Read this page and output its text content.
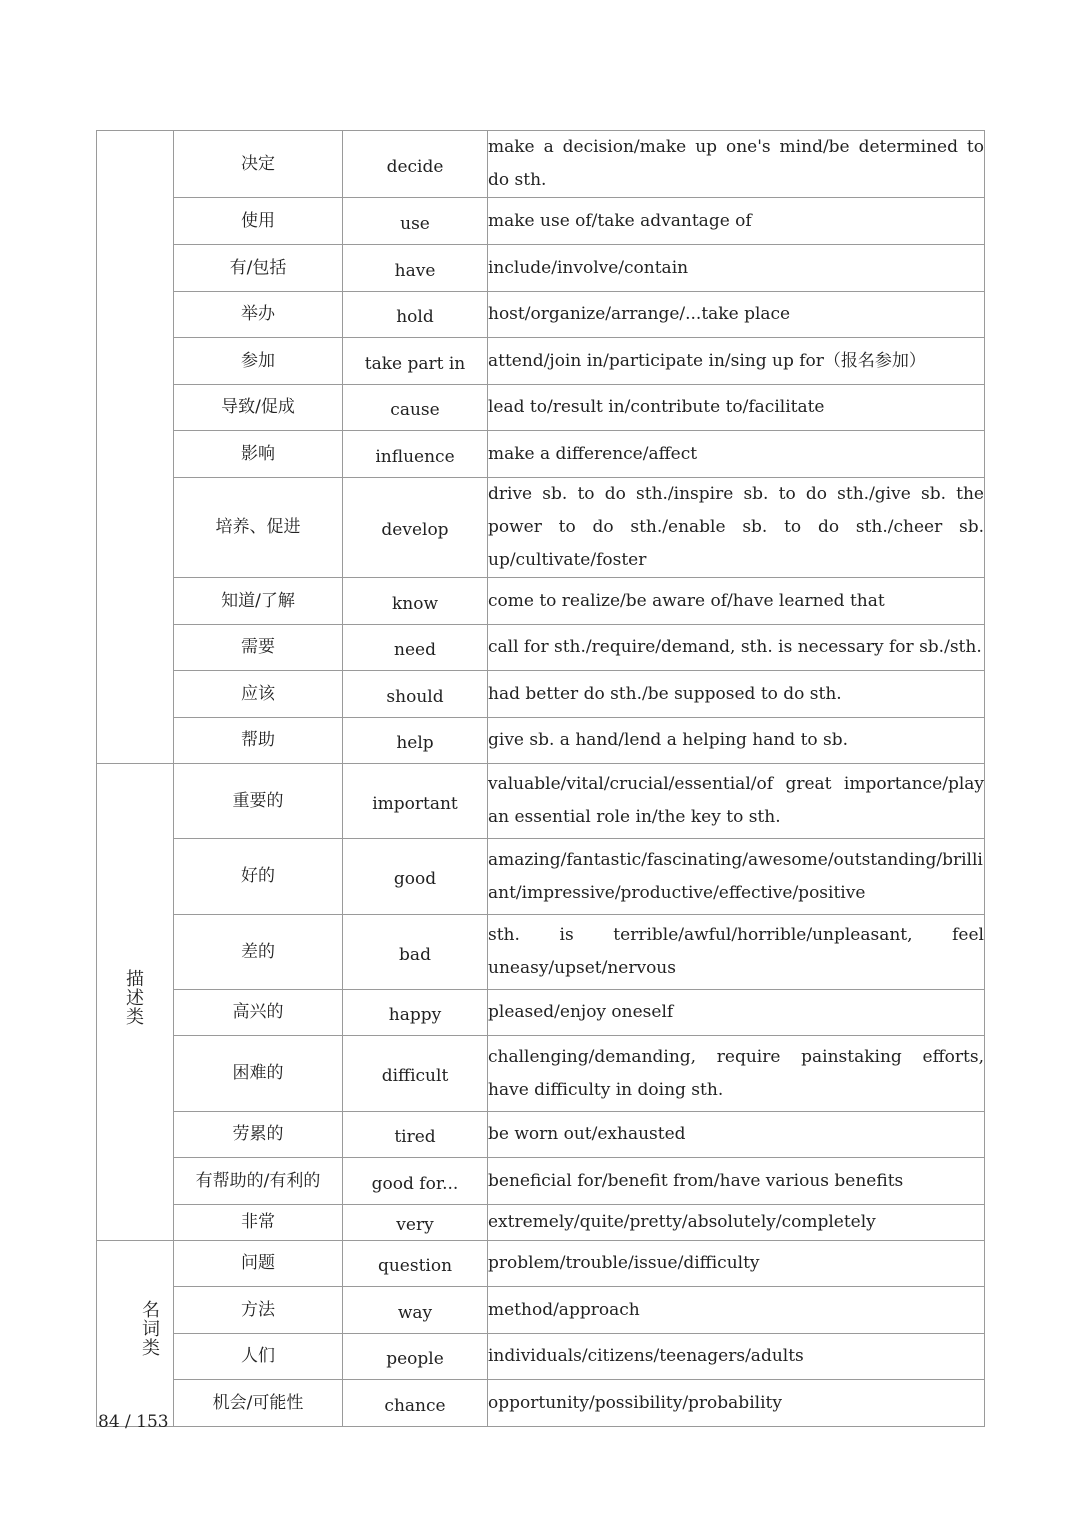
	决定	decide	make a decision/make up one's mind/be determined to do sth.

	使用	use	make use of/take advantage of

	有/包括	have	include/involve/contain

	举办	hold	host/organize/arrange/...take place

	参加	take part in	attend/join in/participate in/sing up for（报名参加）

	导致/促成	cause	lead to/result in/contribute to/facilitate

	影响	influence	make a difference/affect

	培养、促进	develop	drive sb. to do sth./inspire sb. to do sth./give sb. the power to do sth./enable sb. to do sth./cheer sb. up/cultivate/foster

	知道/了解	know	come to realize/be aware of/have learned that

	需要	need	call for sth./require/demand, sth. is necessary for sb./sth.

	应该	should	had better do sth./be supposed to do sth.

	帮助	help	give sb. a hand/lend a helping hand to sb.

描述类	重要的	important	valuable/vital/crucial/essential/of great importance/play an essential role in/the key to sth.

	好的	good	amazing/fantastic/fascinating/awesome/outstanding/brilliant/impressive/productive/effective/positive

	差的	bad	sth. is terrible/awful/horrible/unpleasant, feel uneasy/upset/nervous

	高兴的	happy	pleased/enjoy oneself

	困难的	difficult	challenging/demanding, require painstaking efforts, have difficulty in doing sth.

	劳累的	tired	be worn out/exhausted

	有帮助的/有利的	good for...	beneficial for/benefit from/have various benefits

	非常	very	extremely/quite/pretty/absolutely/completely

名词类	问题	question	problem/trouble/issue/difficulty

	方法	way	method/approach

	人们	people	individuals/citizens/teenagers/adults

	机会/可能性	chance	opportunity/possibility/probability
84 / 153
